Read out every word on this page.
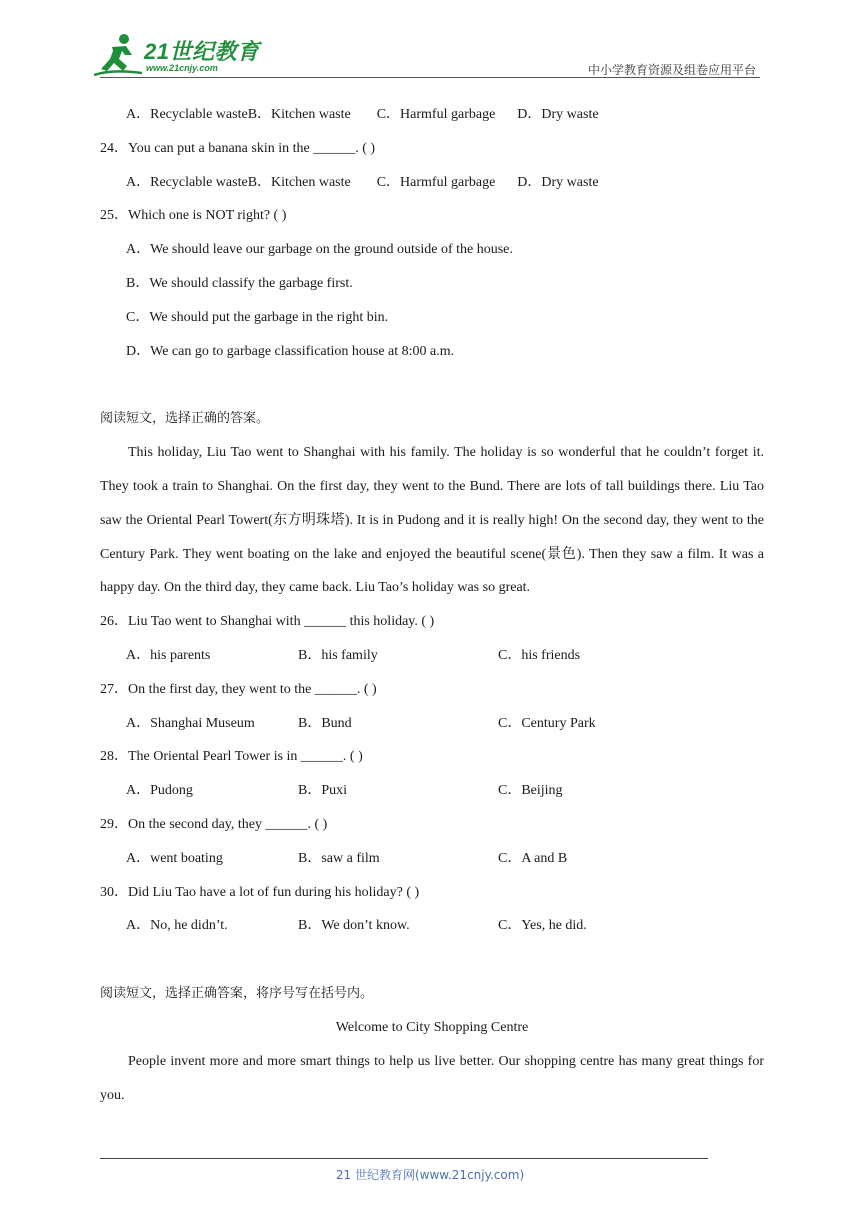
21世纪教育
www.21cnjy.com	中小学教育资源及组卷应用平台
A．Recyclable wasteB．Kitchen waste C．Harmful garbage D．Dry waste
24．You can put a banana skin in the ______. ( )
A．Recyclable wasteB．Kitchen waste C．Harmful garbage D．Dry waste
25．Which one is NOT right? ( )
A．We should leave our garbage on the ground outside of the house.
B．We should classify the garbage first.
C．We should put the garbage in the right bin.
D．We can go to garbage classification house at 8:00 a.m.
阅读短文，选择正确的答案。
This holiday, Liu Tao went to Shanghai with his family. The holiday is so wonderful that he couldn’t forget it. They took a train to Shanghai. On the first day, they went to the Bund. There are lots of tall buildings there. Liu Tao saw the Oriental Pearl Towert(东方明珠塔). It is in Pudong and it is really high! On the second day, they went to the Century Park. They went boating on the lake and enjoyed the beautiful scene(景色). Then they saw a film. It was a happy day. On the third day, they came back. Liu Tao’s holiday was so great.
26．Liu Tao went to Shanghai with ______ this holiday. ( )
A．his parents	B．his family	C．his friends
27．On the first day, they went to the ______. ( )
A．Shanghai Museum	B．Bund	C．Century Park
28．The Oriental Pearl Tower is in ______. ( )
A．Pudong	B．Puxi	C．Beijing
29．On the second day, they ______. ( )
A．went boating	B．saw a film	C．A and B
30．Did Liu Tao have a lot of fun during his holiday? ( )
A．No, he didn’t.	B．We don’t know.	C．Yes, he did.
阅读短文，选择正确答案，将序号写在括号内。
Welcome to City Shopping Centre
People invent more and more smart things to help us live better. Our shopping centre has many great things for you.
21 世纪教育网(www.21cnjy.com)
